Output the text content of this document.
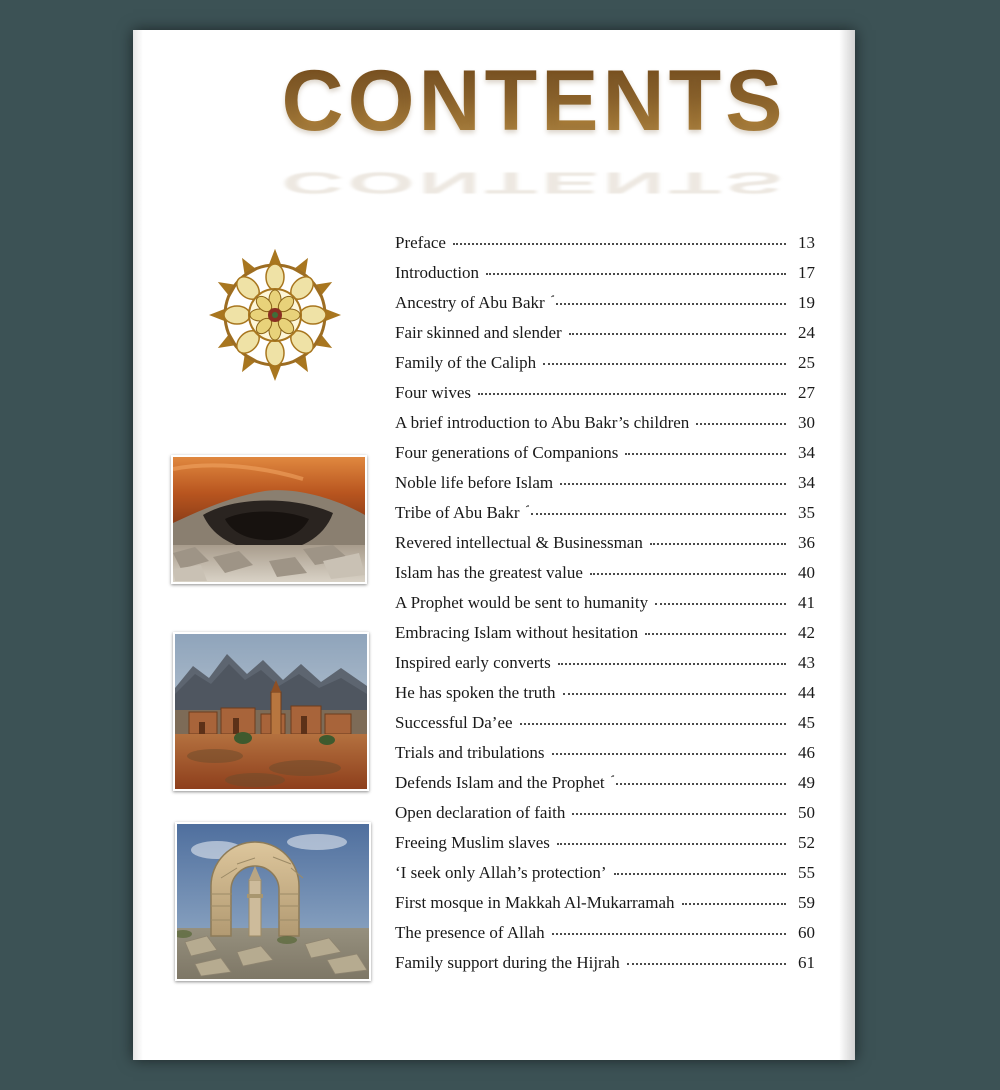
CONTENTS
CONTENTS
Preface	13
Introduction	17
Ancestry of Abu Bakr	19
Fair skinned and slender	24
Family of the Caliph	25
Four wives	27
A brief introduction to Abu Bakr’s children	30
Four generations of Companions	34
Noble life before Islam	34
Tribe of Abu Bakr	35
Revered intellectual & Businessman	36
Islam has the greatest value	40
A Prophet would be sent to humanity	41
Embracing Islam without hesitation	42
Inspired early converts	43
He has spoken the truth	44
Successful Da’ee	45
Trials and tribulations	46
Defends Islam and the Prophet	49
Open declaration of faith	50
Freeing Muslim slaves	52
‘I seek only Allah’s protection’	55
First mosque in Makkah Al-Mukarramah	59
The presence of Allah	60
Family support during the Hijrah	61
